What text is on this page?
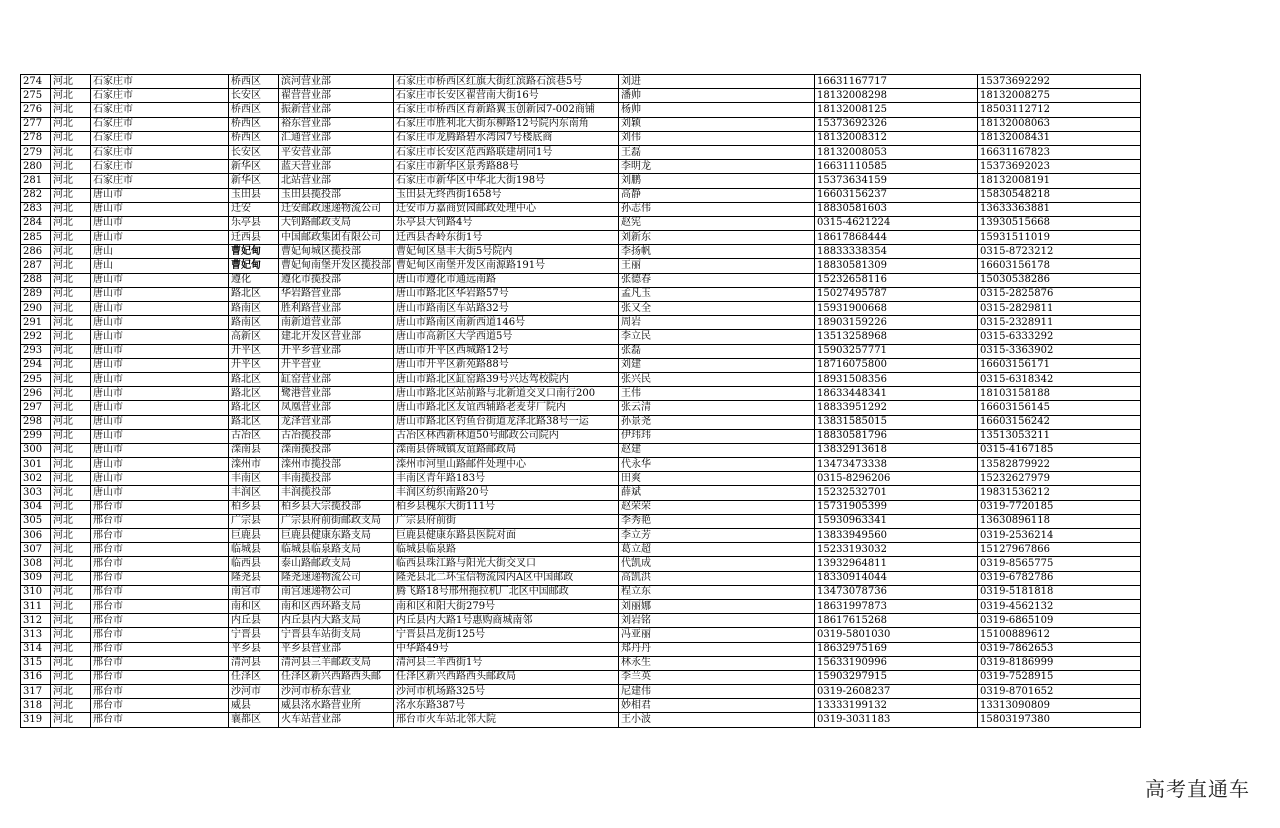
274	河北	石家庄市	桥西区	滨河营业部	石家庄市桥西区红旗大街红滨路石滨巷5号	刘进	16631167717	15373692292
275	河北	石家庄市	长安区	翟营营业部	石家庄市长安区翟营南大街16号	潘帅	18132008298	18132008275
276	河北	石家庄市	桥西区	振新营业部	石家庄市桥西区育新路翼玉创新园7-002商铺	杨帅	18132008125	18503112712
277	河北	石家庄市	桥西区	裕东营业部	石家庄市胜利北大街东柳路12号院内东南角	刘颖	15373692326	18132008063
278	河北	石家庄市	桥西区	汇通营业部	石家庄市龙腾路碧水湾园7号楼底商	刘伟	18132008312	18132008431
279	河北	石家庄市	长安区	平安营业部	石家庄市长安区范西路联建胡同1号	王磊	18132008053	16631167823
280	河北	石家庄市	新华区	蓝天营业部	石家庄市新华区景秀路88号	李明龙	16631110585	15373692023
281	河北	石家庄市	新华区	北站营业部	石家庄市新华区中华北大街198号	刘鹏	15373634159	18132008191
282	河北	唐山市	玉田县	玉田县揽投部	玉田县无终西街1658号	高静	16603156237	15830548218
283	河北	唐山市	迁安	迁安邮政速递物流公司	迁安市万嘉商贸园邮政处理中心	孙志伟	18830581603	13633363881
284	河北	唐山市	乐亭县	大钊路邮政支局	乐亭县大钊路4号	赵宪	0315-4621224	13930515668
285	河北	唐山市	迁西县	中国邮政集团有限公司	迁西县杏岭东街1号	刘新东	18617868444	15931511019
286	河北	唐山	曹妃甸	曹妃甸城区揽投部	曹妃甸区垦丰大街5号院内	李扬帆	18833338354	0315-8723212
287	河北	唐山	曹妃甸	曹妃甸南堡开发区揽投部	曹妃甸区南堡开发区南源路191号	王丽	18830581309	16603156178
288	河北	唐山市	遵化	遵化市揽投部	唐山市遵化市通远南路	张德春	15232658116	15030538286
289	河北	唐山市	路北区	华岩路营业部	唐山市路北区华岩路57号	孟凡玉	15027495787	0315-2825876
290	河北	唐山市	路南区	胜利路营业部	唐山市路南区车站路32号	张又全	15931900668	0315-2829811
291	河北	唐山市	路南区	南新道营业部	唐山市路南区南新西道146号	周岩	18903159226	0315-2328911
292	河北	唐山市	高新区	建北开发区营业部	唐山市高新区大学西道5号	李立民	13513258968	0315-6333292
293	河北	唐山市	开平区	开平乡营业部	唐山市开平区西城路12号	张磊	15903257771	0315-3363902
294	河北	唐山市	开平区	开平营业	唐山市开平区新苑路88号	刘建	18716075800	16603156171
295	河北	唐山市	路北区	缸窑营业部	唐山市路北区缸窑路39号兴达驾校院内	张兴民	18931508356	0315-6318342
296	河北	唐山市	路北区	鹭港营业部	唐山市路北区站前路与北新道交叉口南行200	王伟	18633448341	18103158188
297	河北	唐山市	路北区	凤凰营业部	唐山市路北区友谊西辅路老麦芽厂院内	张云清	18833951292	16603156145
298	河北	唐山市	路北区	龙泽营业部	唐山市路北区钓鱼台街道龙泽北路38号一运	孙景尧	13831585015	16603156242
299	河北	唐山市	古冶区	古冶揽投部	古冶区林西新林道50号邮政公司院内	伊玮玮	18830581796	13513053211
300	河北	唐山市	滦南县	滦南揽投部	滦南县倴城镇友谊路邮政局	赵建	13832913618	0315-4167185
301	河北	唐山市	滦州市	滦州市揽投部	滦州市河里山路邮件处理中心	代永华	13473473338	13582879922
302	河北	唐山市	丰南区	丰南揽投部	丰南区青年路183号	田爽	0315-8296206	15232627979
303	河北	唐山市	丰润区	丰润揽投部	丰润区纺织南路20号	薛斌	15232532701	19831536212
304	河北	邢台市	柏乡县	柏乡县大宗揽投部	柏乡县槐东大街111号	赵荣荣	15731905399	0319-7720185
305	河北	邢台市	广宗县	广宗县府前街邮政支局	广宗县府前街	李秀艳	15930963341	13630896118
306	河北	邢台市	巨鹿县	巨鹿县健康东路支局	巨鹿县健康东路县医院对面	李立芳	13833949560	0319-2536214
307	河北	邢台市	临城县	临城县临泉路支局	临城县临泉路	葛立超	15233193032	15127967866
308	河北	邢台市	临西县	泰山路邮政支局	临西县珠江路与阳光大街交叉口	代凯成	13932964811	0319-8565775
309	河北	邢台市	隆尧县	隆尧速递物流公司	隆尧县北二环宝信物流园内A区中国邮政	高凯洪	18330914044	0319-6782786
310	河北	邢台市	南宫市	南宫速递物公司	腾飞路18号邢州拖拉机厂北区中国邮政	程立东	13473078736	0319-5181818
311	河北	邢台市	南和区	南和区西环路支局	南和区和阳大街279号	刘丽娜	18631997873	0319-4562132
312	河北	邢台市	内丘县	内丘县内大路支局	内丘县内大路1号惠购商城南邻	刘岩铭	18617615268	0319-6865109
313	河北	邢台市	宁晋县	宁晋县车站街支局	宁晋县昌龙街125号	冯亚丽	0319-5801030	15100889612
314	河北	邢台市	平乡县	平乡县营业部	中华路49号	郑丹丹	18632975169	0319-7862653
315	河北	邢台市	清河县	清河县三羊邮政支局	清河县三羊西街1号	林永生	15633190996	0319-8186999
316	河北	邢台市	任泽区	任泽区新兴西路西头邮	任泽区新兴西路西头邮政局	李兰英	15903297915	0319-7528915
317	河北	邢台市	沙河市	沙河市桥东营业	沙河市机场路325号	尼建伟	0319-2608237	0319-8701652
318	河北	邢台市	威县	威县洺水路营业所	洺水东路387号	妙相君	13333199132	13313090809
319	河北	邢台市	襄都区	火车站营业部	邢台市火车站北邻大院	王小波	0319-3031183	15803197380
高考直通车
